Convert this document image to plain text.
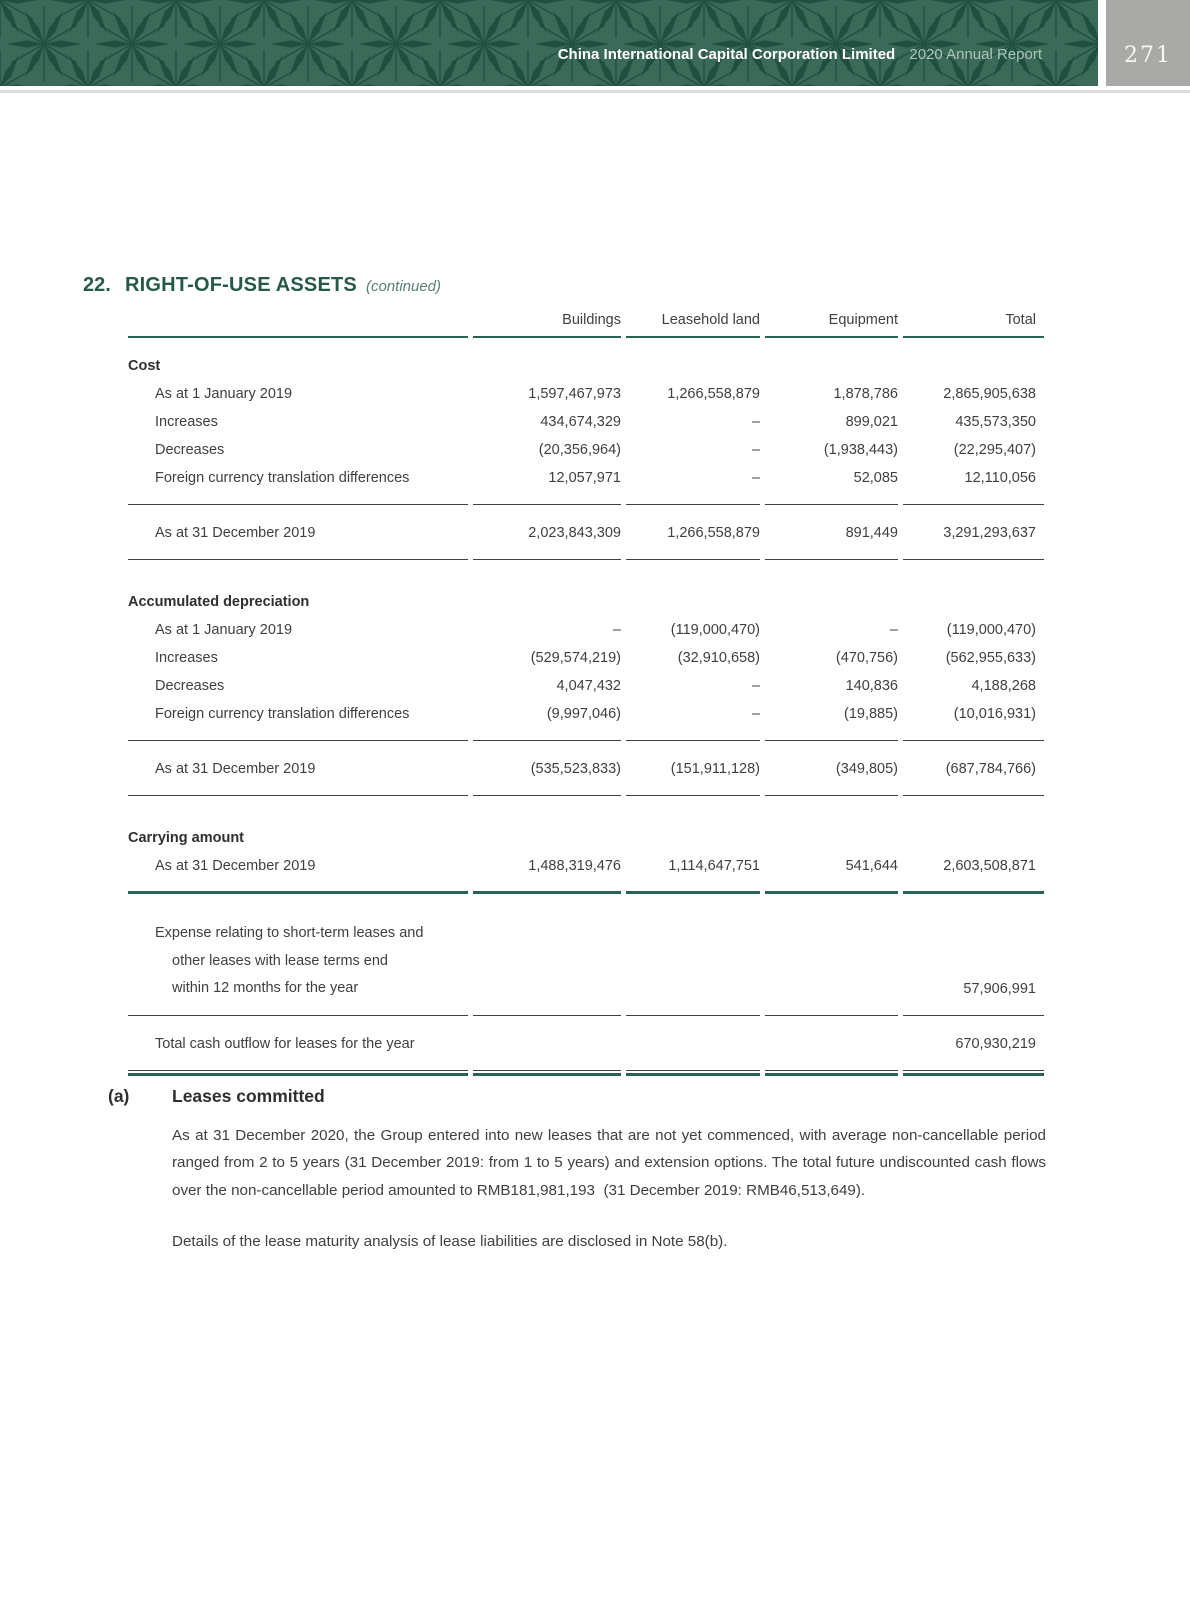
China International Capital Corporation Limited 2020 Annual Report	271
22. RIGHT-OF-USE ASSETS (continued)
	Buildings	Leasehold land	Equipment	Total
Cost				
As at 1 January 2019	1,597,467,973	1,266,558,879	1,878,786	2,865,905,638
Increases	434,674,329	–	899,021	435,573,350
Decreases	(20,356,964)	–	(1,938,443)	(22,295,407)
Foreign currency translation differences	12,057,971	–	52,085	12,110,056

As at 31 December 2019	2,023,843,309	1,266,558,879	891,449	3,291,293,637

Accumulated depreciation				
As at 1 January 2019	–	(119,000,470)	–	(119,000,470)
Increases	(529,574,219)	(32,910,658)	(470,756)	(562,955,633)
Decreases	4,047,432	–	140,836	4,188,268
Foreign currency translation differences	(9,997,046)	–	(19,885)	(10,016,931)

As at 31 December 2019	(535,523,833)	(151,911,128)	(349,805)	(687,784,766)

Carrying amount				
As at 31 December 2019	1,488,319,476	1,114,647,751	541,644	2,603,508,871

Expense relating to short-term leases and
other leases with lease terms end
within 12 months for the year				57,906,991

Total cash outflow for leases for the year				670,930,219

(a)	Leases committed

As at 31 December 2020, the Group entered into new leases that are not yet commenced, with average non-cancellable period ranged from 2 to 5 years (31 December 2019: from 1 to 5 years) and extension options. The total future undiscounted cash flows over the non-cancellable period amounted to RMB181,981,193  (31 December 2019: RMB46,513,649).

Details of the lease maturity analysis of lease liabilities are disclosed in Note 58(b).
